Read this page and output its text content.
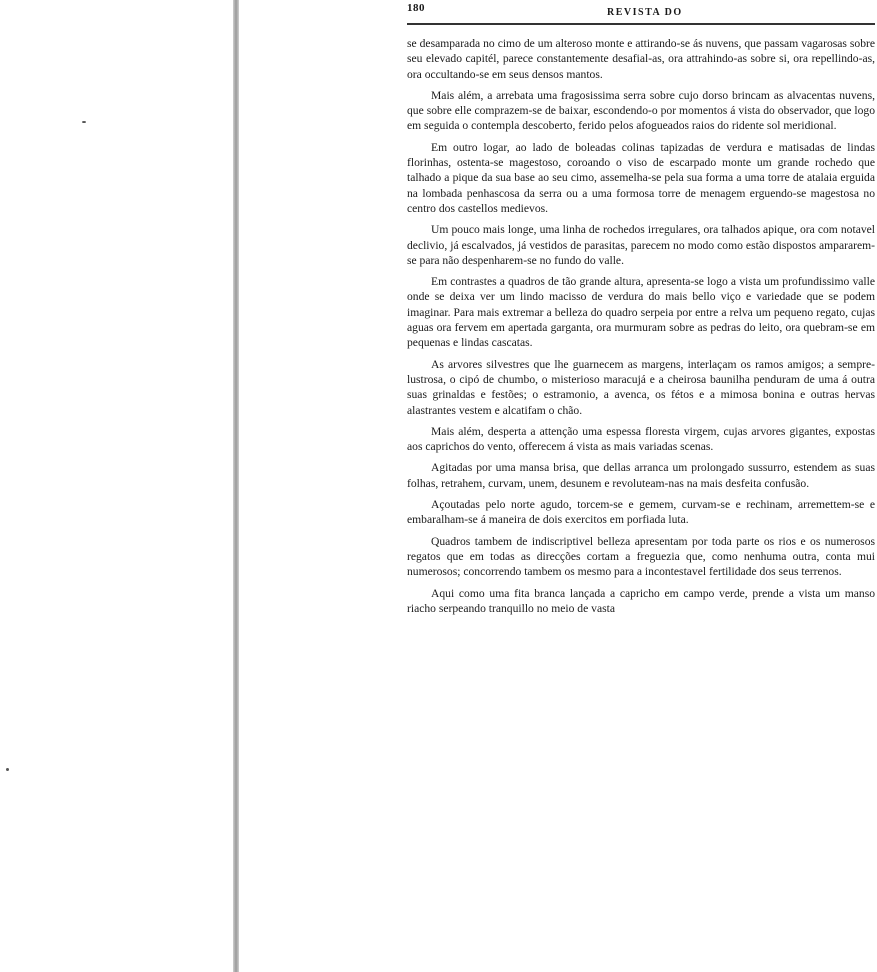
180	REVISTA DO

se desamparada no cimo de um alteroso monte e attirando-se ás nuvens, que passam vagarosas sobre seu elevado capitél, parece constantemente desafial-as, ora attrahindo-as sobre si, ora repellindo-as, ora occultando-se em seus densos mantos.

Mais além, a arrebata uma fragosissima serra sobre cujo dorso brincam as alvacentas nuvens, que sobre elle comprazem-se de baixar, escondendo-o por momentos á vista do observador, que logo em seguida o contempla descoberto, ferido pelos afogueados raios do ridente sol meridional.

Em outro logar, ao lado de boleadas colinas tapizadas de verdura e matisadas de lindas florinhas, ostenta-se magestoso, coroando o viso de escarpado monte um grande rochedo que talhado a pique da sua base ao seu cimo, assemelha-se pela sua forma a uma torre de atalaia erguida na lombada penhascosa da serra ou a uma formosa torre de menagem erguendo-se magestosa no centro dos castellos medievos.

Um pouco mais longe, uma linha de rochedos irregulares, ora talhados apique, ora com notavel declivio, já escalvados, já vestidos de parasitas, parecem no modo como estão dispostos ampararem-se para não despenharem-se no fundo do valle.

Em contrastes a quadros de tão grande altura, apresenta-se logo a vista um profundissimo valle onde se deixa ver um lindo macisso de verdura do mais bello viço e variedade que se podem imaginar. Para mais extremar a belleza do quadro serpeia por entre a relva um pequeno regato, cujas aguas ora fervem em apertada garganta, ora murmuram sobre as pedras do leito, ora quebram-se em pequenas e lindas cascatas.

As arvores silvestres que lhe guarnecem as margens, interlaçam os ramos amigos; a sempre-lustrosa, o cipó de chumbo, o misterioso maracujá e a cheirosa baunilha penduram de uma á outra suas grinaldas e festões; o estramonio, a avenca, os fétos e a mimosa bonina e outras hervas alastrantes vestem e alcatifam o chão.

Mais além, desperta a attenção uma espessa floresta virgem, cujas arvores gigantes, expostas aos caprichos do vento, offerecem á vista as mais variadas scenas.

Agitadas por uma mansa brisa, que dellas arranca um prolongado sussurro, estendem as suas folhas, retrahem, curvam, unem, desunem e revoluteam-nas na mais desfeita confusão.

Açoutadas pelo norte agudo, torcem-se e gemem, curvam-se e rechinam, arremettem-se e embaralham-se á maneira de dois exercitos em porfiada luta.

Quadros tambem de indiscriptivel belleza apresentam por toda parte os rios e os numerosos regatos que em todas as direcções cortam a freguezia que, como nenhuma outra, conta mui numerosos; concorrendo tambem os mesmo para a incontestavel fertilidade dos seus terrenos.

Aqui como uma fita branca lançada a capricho em campo verde, prende a vista um manso riacho serpeando tranquillo no meio de vasta
